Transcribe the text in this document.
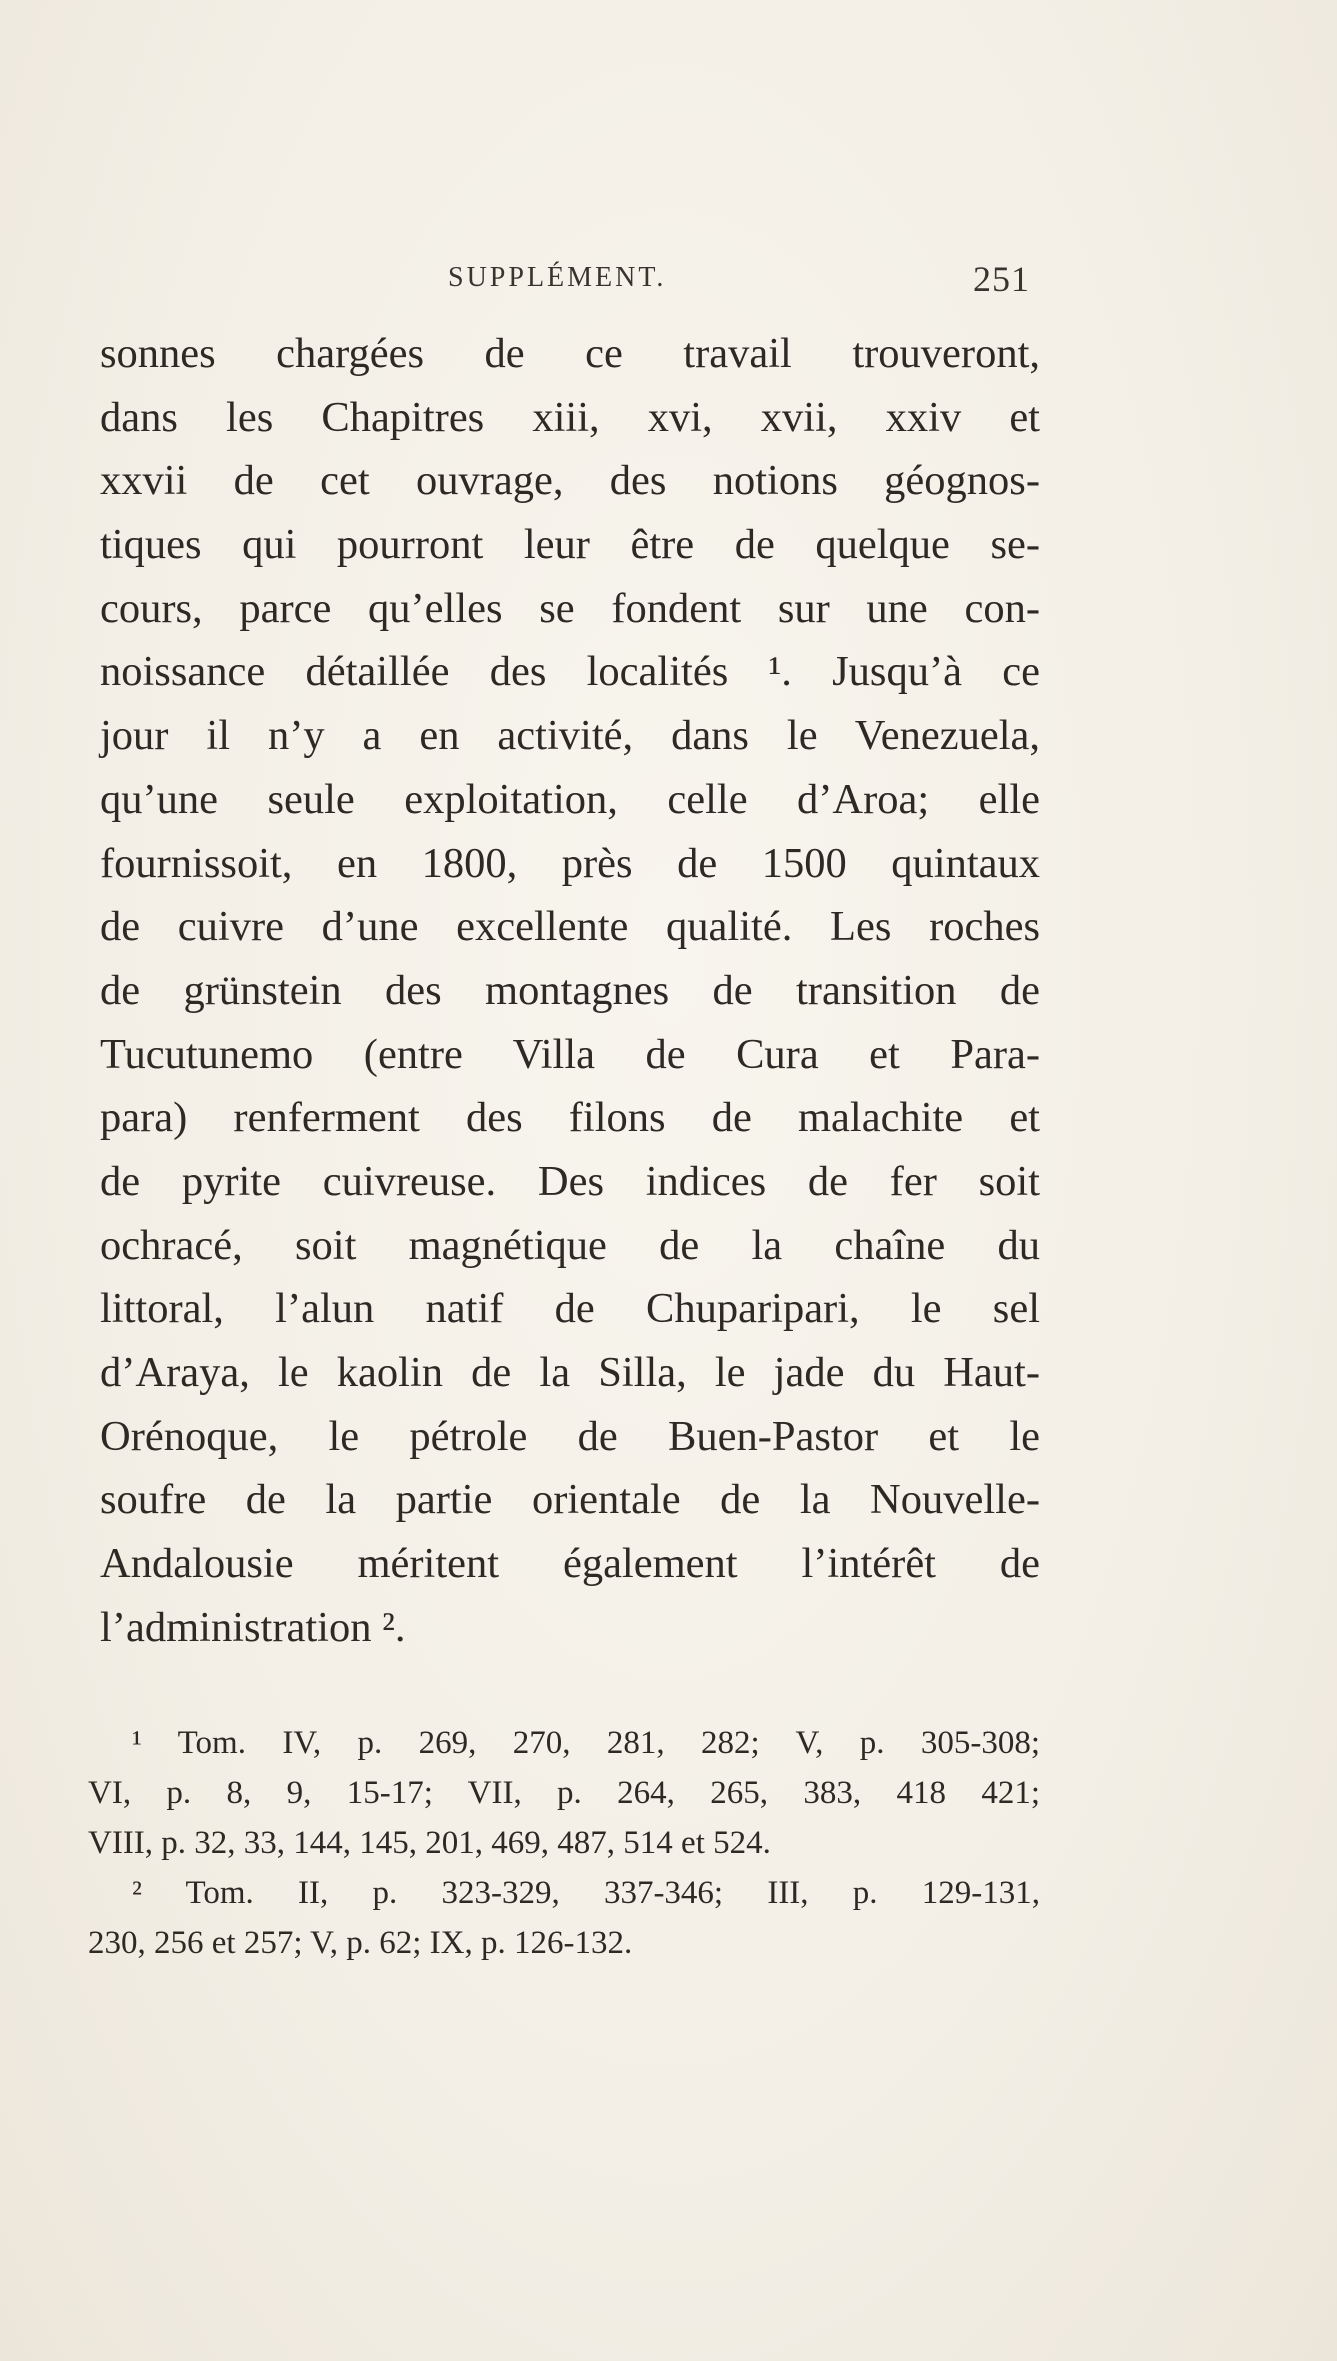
SUPPLÉMENT.	251
sonnes chargées de ce travail trouveront,
dans les Chapitres xiii, xvi, xvii, xxiv et
xxvii de cet ouvrage, des notions géognos-
tiques qui pourront leur être de quelque se-
cours, parce qu’elles se fondent sur une con-
noissance détaillée des localités ¹. Jusqu’à ce
jour il n’y a en activité, dans le Venezuela,
qu’une seule exploitation, celle d’Aroa; elle
fournissoit, en 1800, près de 1500 quintaux
de cuivre d’une excellente qualité. Les roches
de grünstein des montagnes de transition de
Tucutunemo (entre Villa de Cura et Para-
para) renferment des filons de malachite et
de pyrite cuivreuse. Des indices de fer soit
ochracé, soit magnétique de la chaîne du
littoral, l’alun natif de Chuparipari, le sel
d’Araya, le kaolin de la Silla, le jade du Haut-
Orénoque, le pétrole de Buen-Pastor et le
soufre de la partie orientale de la Nouvelle-
Andalousie méritent également l’intérêt de
l’administration ².
¹ Tom. IV, p. 269, 270, 281, 282; V, p. 305-308;
VI, p. 8, 9, 15-17; VII, p. 264, 265, 383, 418 421;
VIII, p. 32, 33, 144, 145, 201, 469, 487, 514 et 524.
² Tom. II, p. 323-329, 337-346; III, p. 129-131,
230, 256 et 257; V, p. 62; IX, p. 126-132.
